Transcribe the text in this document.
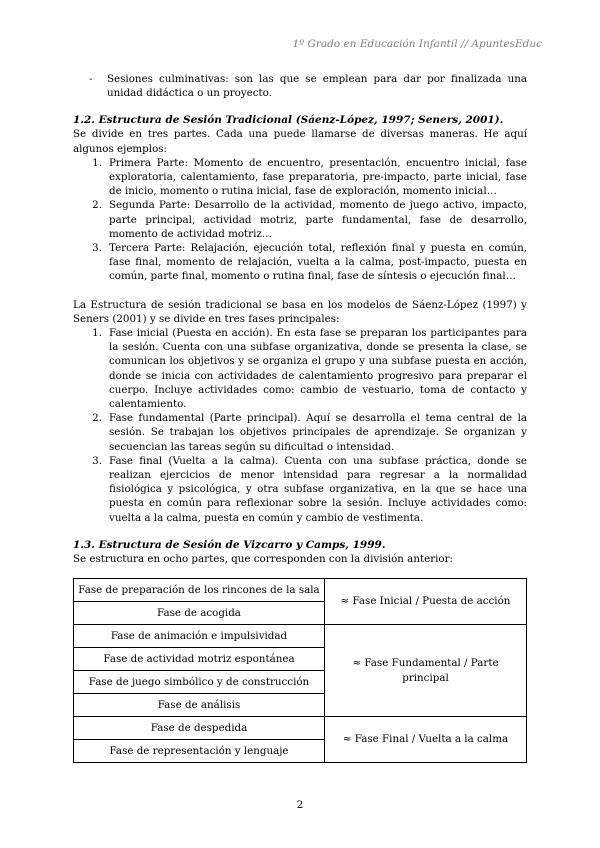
1º Grado en Educación Infantil // ApuntesEduc
-	Sesiones culminativas: son las que se emplean para dar por finalizada una unidad didáctica o un proyecto.
1.2. Estructura de Sesión Tradicional (Sáenz-López, 1997; Seners, 2001).

Se divide en tres partes. Cada una puede llamarse de diversas maneras. He aquí algunos ejemplos:

1. Primera Parte: Momento de encuentro, presentación, encuentro inicial, fase exploratoria, calentamiento, fase preparatoria, pre-impacto, parte inicial, fase de inicio, momento o rutina inicial, fase de exploración, momento inicial…
2. Segunda Parte: Desarrollo de la actividad, momento de juego activo, impacto, parte principal, actividad motriz, parte fundamental, fase de desarrollo, momento de actividad motriz…
3. Tercera Parte: Relajación, ejecución total, reflexión final y puesta en común, fase final, momento de relajación, vuelta a la calma, post-impacto, puesta en común, parte final, momento o rutina final, fase de síntesis o ejecución final…

La Estructura de sesión tradicional se basa en los modelos de Sáenz-López (1997) y Seners (2001) y se divide en tres fases principales:

1. Fase inicial (Puesta en acción). En esta fase se preparan los participantes para la sesión. Cuenta con una subfase organizativa, donde se presenta la clase, se comunican los objetivos y se organiza el grupo y una subfase puesta en acción, donde se inicia con actividades de calentamiento progresivo para preparar el cuerpo. Incluye actividades como: cambio de vestuario, toma de contacto y calentamiento.
2. Fase fundamental (Parte principal). Aquí se desarrolla el tema central de la sesión. Se trabajan los objetivos principales de aprendizaje. Se organizan y secuencian las tareas según su dificultad o intensidad.
3. Fase final (Vuelta a la calma). Cuenta con una subfase práctica, donde se realizan ejercicios de menor intensidad para regresar a la normalidad fisiológica y psicológica, y otra subfase organizativa, en la que se hace una puesta en común para reflexionar sobre la sesión. Incluye actividades como: vuelta a la calma, puesta en común y cambio de vestimenta.
1.3. Estructura de Sesión de Vizcarro y Camps, 1999.

Se estructura en ocho partes, que corresponden con la división anterior:

Fase de preparación de los rincones de la sala	≈ Fase Inicial / Puesta de acción
Fase de acogida	
Fase de animación e impulsividad	≈ Fase Fundamental / Parte principal
Fase de actividad motriz espontánea	
Fase de juego simbólico y de construcción	
Fase de análisis	
Fase de despedida	≈ Fase Final / Vuelta a la calma
Fase de representación y lenguaje	
2
